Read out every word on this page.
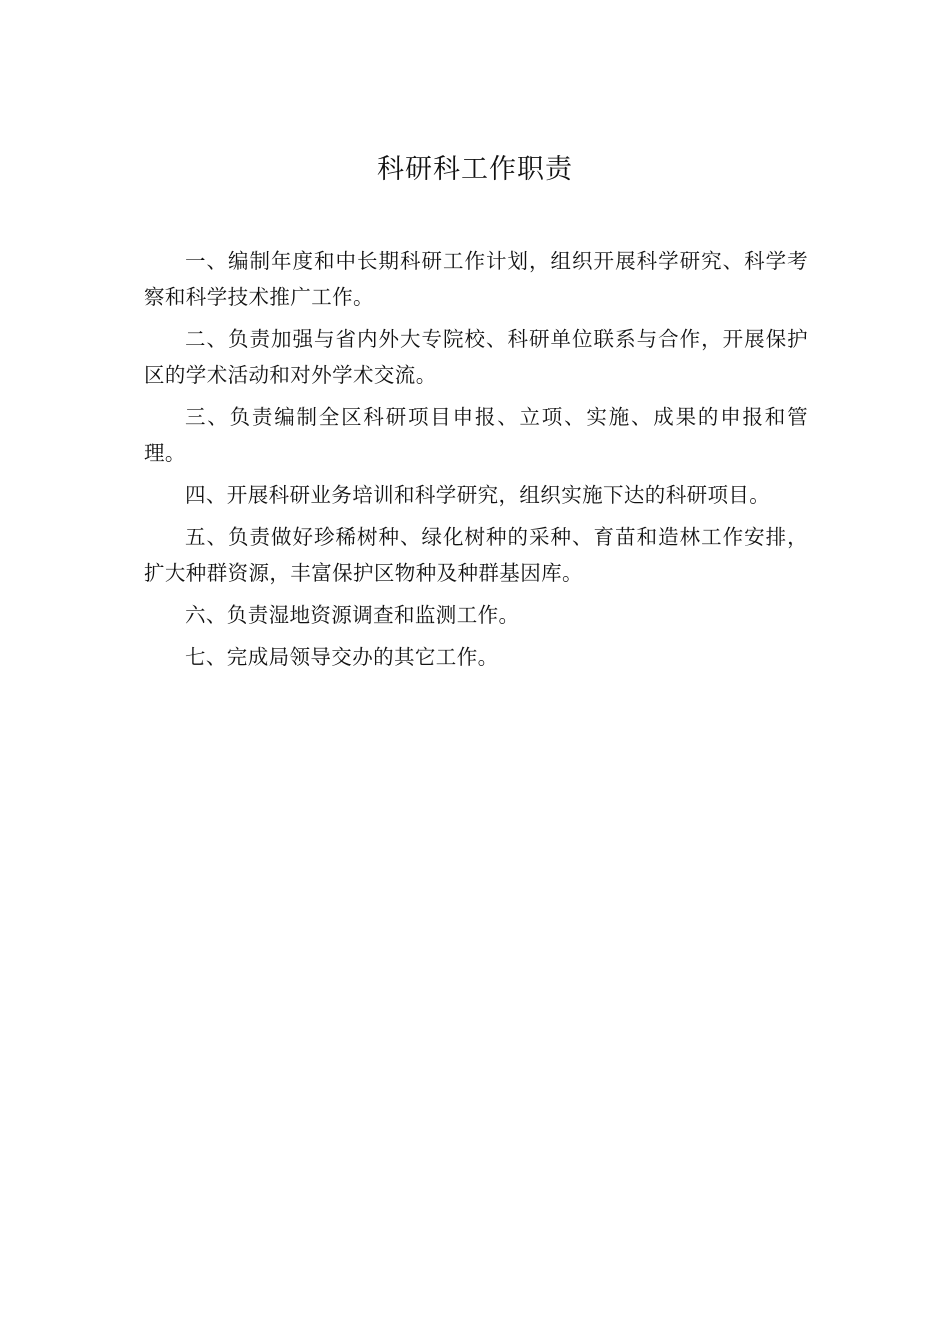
科研科工作职责

一、编制年度和中长期科研工作计划，组织开展科学研究、科学考察和科学技术推广工作。

二、负责加强与省内外大专院校、科研单位联系与合作，开展保护区的学术活动和对外学术交流。

三、负责编制全区科研项目申报、立项、实施、成果的申报和管理。

四、开展科研业务培训和科学研究，组织实施下达的科研项目。

五、负责做好珍稀树种、绿化树种的采种、育苗和造林工作安排，扩大种群资源，丰富保护区物种及种群基因库。

六、负责湿地资源调查和监测工作。

七、完成局领导交办的其它工作。
